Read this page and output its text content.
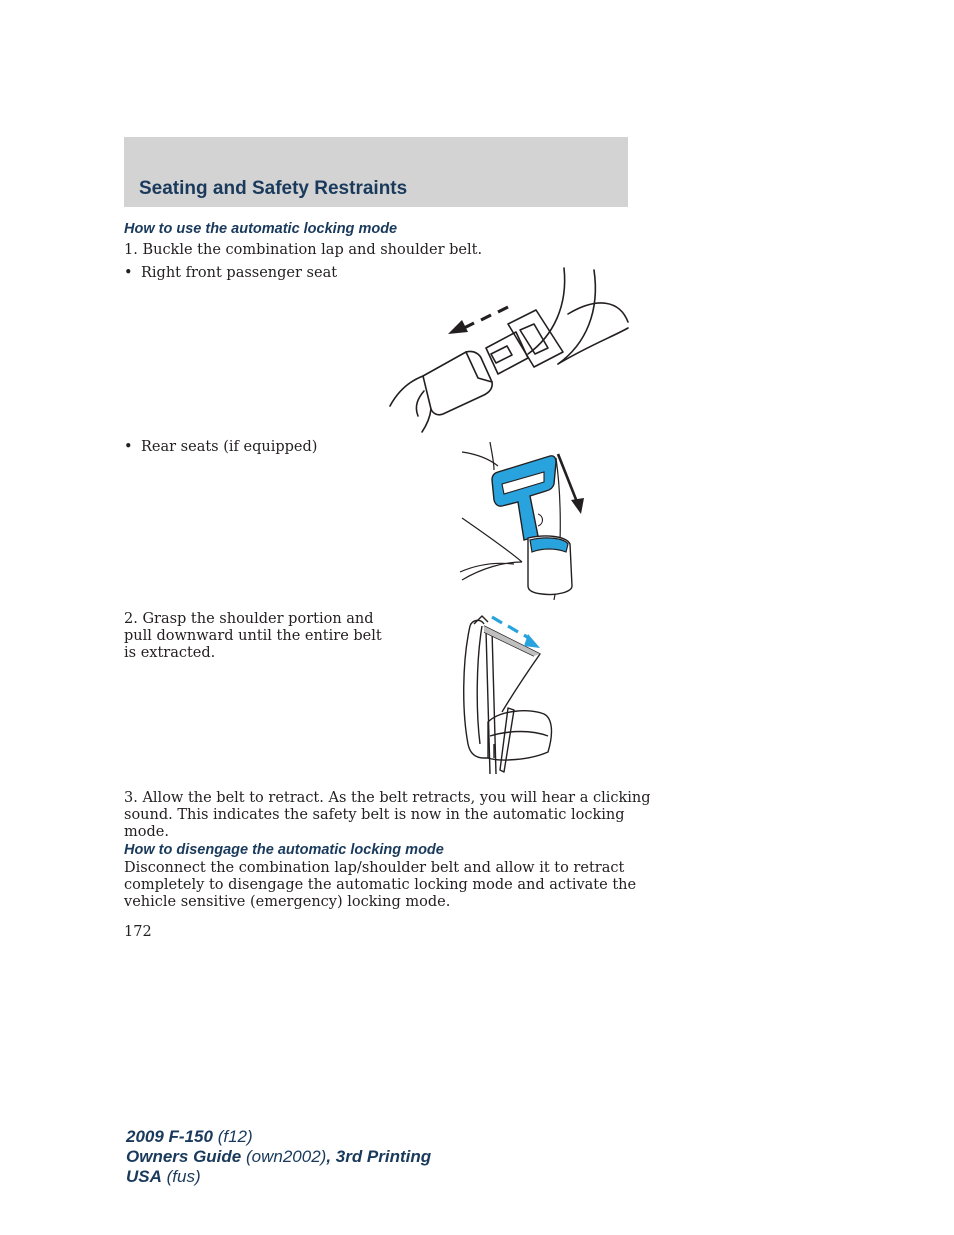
Seating and Safety Restraints
How to use the automatic locking mode

1. Buckle the combination lap and shoulder belt.

• Right front passenger seat
• Rear seats (if equipped)
2. Grasp the shoulder portion and
pull downward until the entire belt
is extracted.
3. Allow the belt to retract. As the belt retracts, you will hear a clicking
sound. This indicates the safety belt is now in the automatic locking
mode.
How to disengage the automatic locking mode
Disconnect the combination lap/shoulder belt and allow it to retract
completely to disengage the automatic locking mode and activate the
vehicle sensitive (emergency) locking mode.

172

2009 F-150 (f12)
Owners Guide (own2002), 3rd Printing
USA (fus)
